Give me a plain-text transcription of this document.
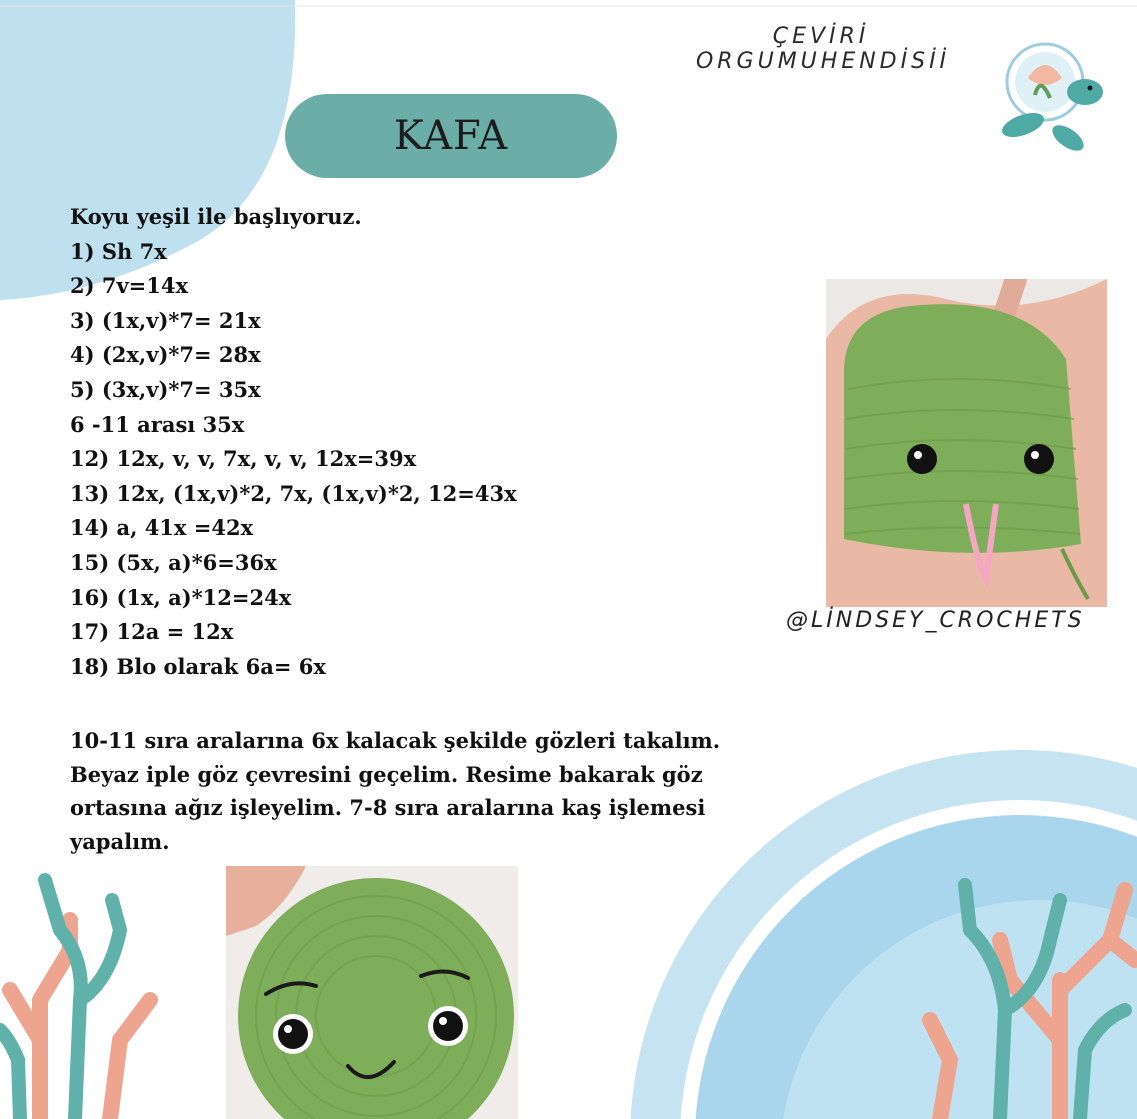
ÇEVİRİ
ORGUMUHENDİSİİ
KAFA
Koyu yeşil ile başlıyoruz.
1) Sh 7x
2) 7v=14x
3) (1x,v)*7= 21x
4) (2x,v)*7= 28x
5) (3x,v)*7= 35x
6 -11 arası 35x
12) 12x, v, v, 7x, v, v, 12x=39x
13) 12x, (1x,v)*2, 7x, (1x,v)*2, 12=43x
14) a, 41x =42x
15) (5x, a)*6=36x
16) (1x, a)*12=24x
17) 12a = 12x
18) Blo olarak 6a= 6x
10-11 sıra aralarına 6x kalacak şekilde gözleri takalım. Beyaz iple göz çevresini geçelim. Resime bakarak göz ortasına ağız işleyelim. 7-8 sıra aralarına kaş işlemesi yapalım.
@LİNDSEY_CROCHETS
